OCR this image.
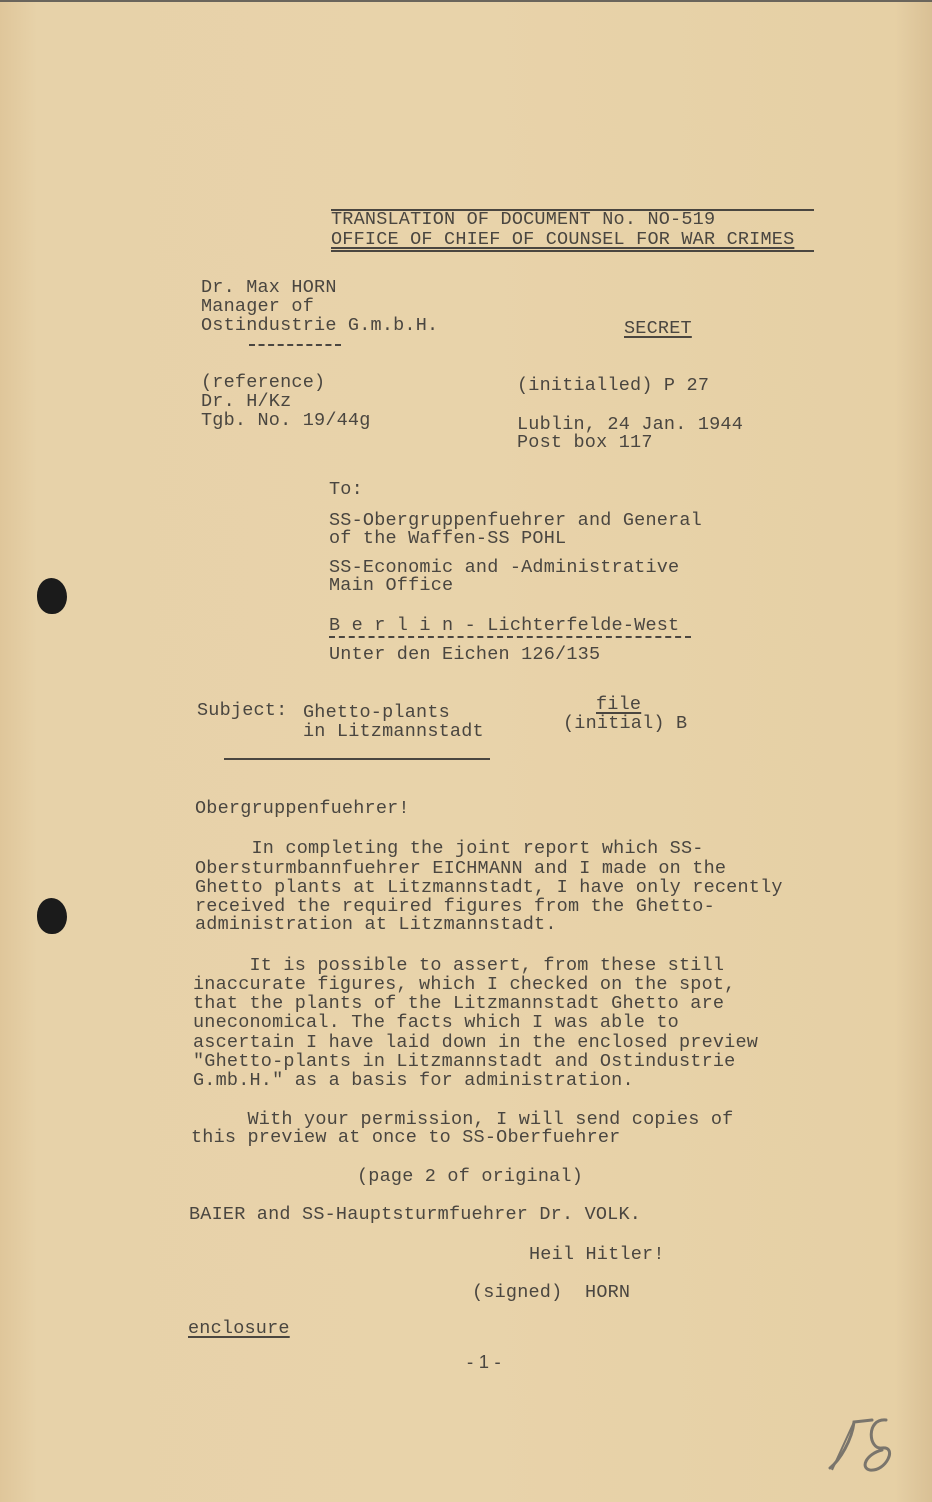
TRANSLATION OF DOCUMENT No. NO-519
OFFICE OF CHIEF OF COUNSEL FOR WAR CRIMES
Dr. Max HORN
Manager of
Ostindustrie G.m.b.H.	SECRET
(reference)
Dr. H/Kz
Tgb. No. 19/44g
(initialled) P 27
Lublin, 24 Jan. 1944
Post box 117
To:
SS-Obergruppenfuehrer and General
of the Waffen-SS POHL
SS-Economic and -Administrative
Main Office
B e r l i n - Lichterfelde-West
Unter den Eichen 126/135
Subject: Ghetto-plants
in Litzmannstadt
file
(initial) B
Obergruppenfuehrer!
In completing the joint report which SS-
Obersturmbannfuehrer EICHMANN and I made on the
Ghetto plants at Litzmannstadt, I have only recently
received the required figures from the Ghetto-
administration at Litzmannstadt.
It is possible to assert, from these still
inaccurate figures, which I checked on the spot,
that the plants of the Litzmannstadt Ghetto are
uneconomical. The facts which I was able to
ascertain I have laid down in the enclosed preview
"Ghetto-plants in Litzmannstadt and Ostindustrie
G.mb.H." as a basis for administration.
With your permission, I will send copies of
this preview at once to SS-Oberfuehrer
(page 2 of original)
BAIER and SS-Hauptsturmfuehrer Dr. VOLK.
Heil Hitler!
(signed)  HORN
enclosure
- 1 -
